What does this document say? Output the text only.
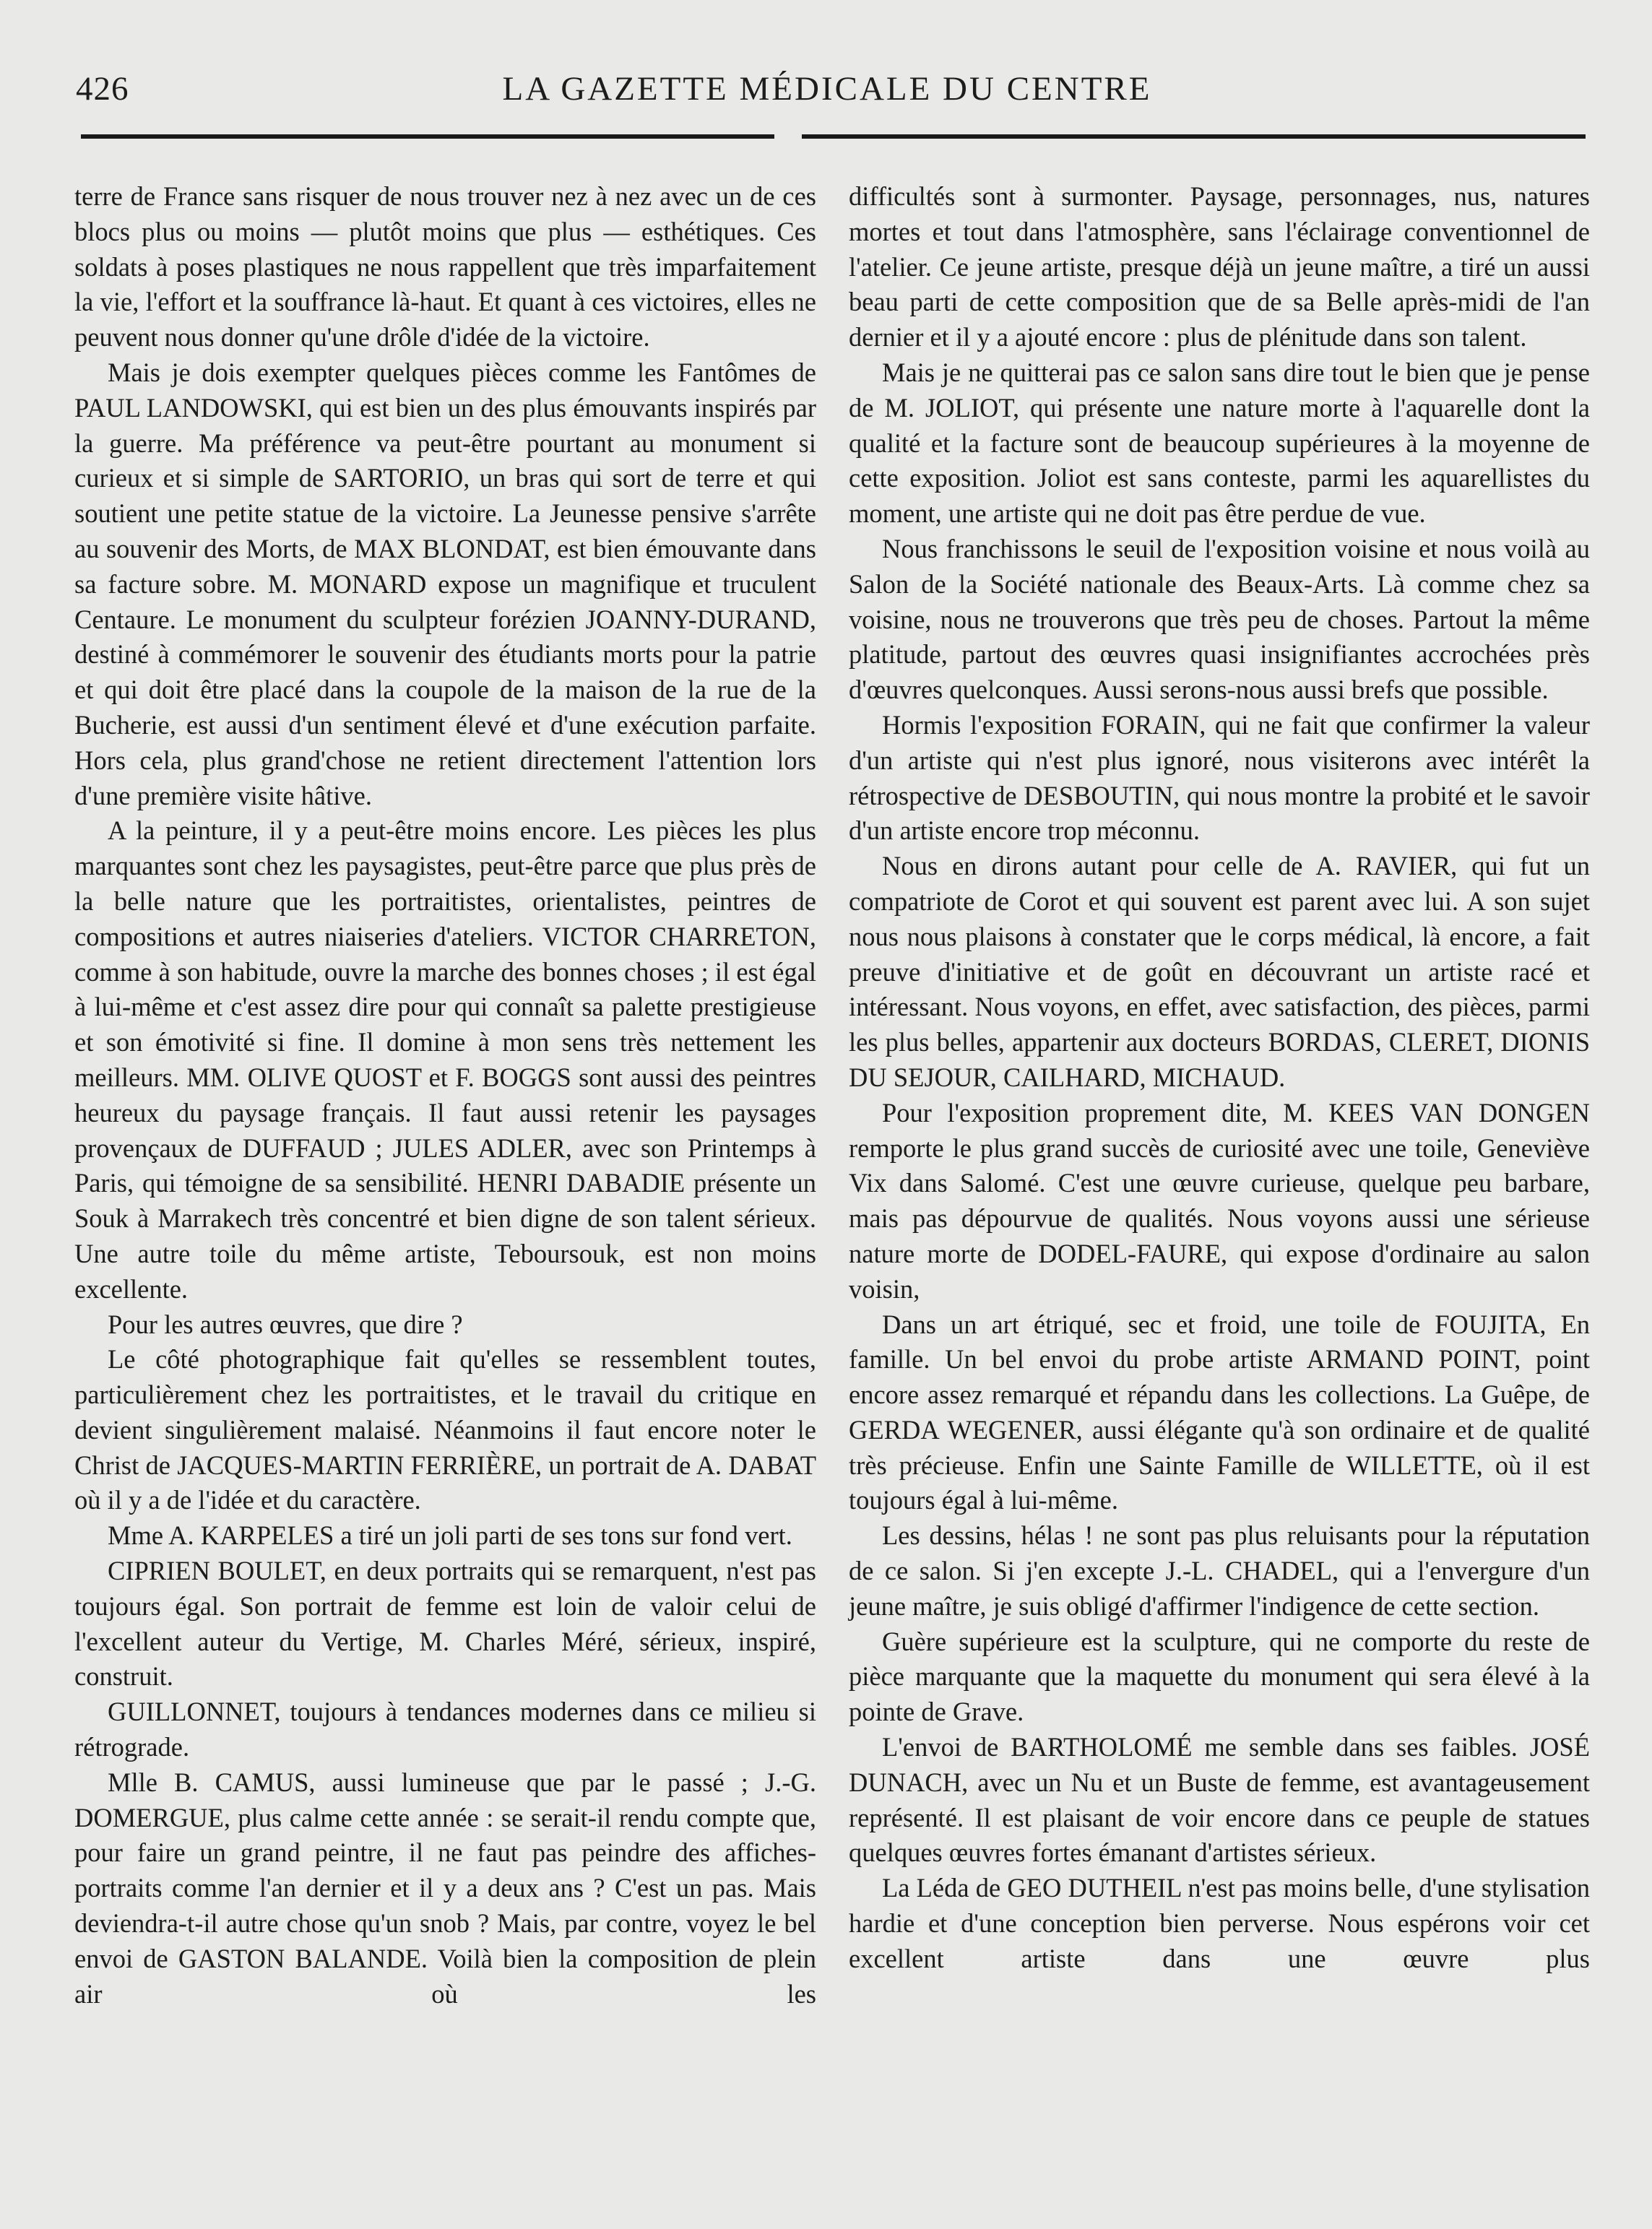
426	LA GAZETTE MÉDICALE DU CENTRE

terre de France sans risquer de nous trouver nez à nez avec un de ces blocs plus ou moins — plutôt moins que plus — esthétiques. Ces soldats à poses plastiques ne nous rappellent que très imparfaitement la vie, l'effort et la souffrance là-haut. Et quant à ces victoires, elles ne peuvent nous donner qu'une drôle d'idée de la victoire.

Mais je dois exempter quelques pièces comme les Fantômes de PAUL LANDOWSKI, qui est bien un des plus émouvants inspirés par la guerre. Ma préférence va peut-être pourtant au monument si curieux et si simple de SARTORIO, un bras qui sort de terre et qui soutient une petite statue de la victoire. La Jeunesse pensive s'arrête au souvenir des Morts, de MAX BLONDAT, est bien émouvante dans sa facture sobre. M. MONARD expose un magnifique et truculent Centaure. Le monument du sculpteur forézien JOANNY-DURAND, destiné à commémorer le souvenir des étudiants morts pour la patrie et qui doit être placé dans la coupole de la maison de la rue de la Bucherie, est aussi d'un sentiment élevé et d'une exécution parfaite. Hors cela, plus grand'chose ne retient directement l'attention lors d'une première visite hâtive.

A la peinture, il y a peut-être moins encore. Les pièces les plus marquantes sont chez les paysagistes, peut-être parce que plus près de la belle nature que les portraitistes, orientalistes, peintres de compositions et autres niaiseries d'ateliers. VICTOR CHARRETON, comme à son habitude, ouvre la marche des bonnes choses ; il est égal à lui-même et c'est assez dire pour qui connaît sa palette prestigieuse et son émotivité si fine. Il domine à mon sens très nettement les meilleurs. MM. OLIVE QUOST et F. BOGGS sont aussi des peintres heureux du paysage français. Il faut aussi retenir les paysages provençaux de DUFFAUD ; JULES ADLER, avec son Printemps à Paris, qui témoigne de sa sensibilité. HENRI DABADIE présente un Souk à Marrakech très concentré et bien digne de son talent sérieux. Une autre toile du même artiste, Teboursouk, est non moins excellente.

Pour les autres œuvres, que dire ?

Le côté photographique fait qu'elles se ressemblent toutes, particulièrement chez les portraitistes, et le travail du critique en devient singulièrement malaisé. Néanmoins il faut encore noter le Christ de JACQUES-MARTIN FERRIÈRE, un portrait de A. DABAT où il y a de l'idée et du caractère.

Mme A. KARPELES a tiré un joli parti de ses tons sur fond vert.

CIPRIEN BOULET, en deux portraits qui se remarquent, n'est pas toujours égal. Son portrait de femme est loin de valoir celui de l'excellent auteur du Vertige, M. Charles Méré, sérieux, inspiré, construit.

GUILLONNET, toujours à tendances modernes dans ce milieu si rétrograde.

Mlle B. CAMUS, aussi lumineuse que par le passé ; J.-G. DOMERGUE, plus calme cette année : se serait-il rendu compte que, pour faire un grand peintre, il ne faut pas peindre des affiches-portraits comme l'an dernier et il y a deux ans ? C'est un pas. Mais deviendra-t-il autre chose qu'un snob ? Mais, par contre, voyez le bel envoi de GASTON BALANDE. Voilà bien la composition de plein air où les

difficultés sont à surmonter. Paysage, personnages, nus, natures mortes et tout dans l'atmosphère, sans l'éclairage conventionnel de l'atelier. Ce jeune artiste, presque déjà un jeune maître, a tiré un aussi beau parti de cette composition que de sa Belle après-midi de l'an dernier et il y a ajouté encore : plus de plénitude dans son talent.

Mais je ne quitterai pas ce salon sans dire tout le bien que je pense de M. JOLIOT, qui présente une nature morte à l'aquarelle dont la qualité et la facture sont de beaucoup supérieures à la moyenne de cette exposition. Joliot est sans conteste, parmi les aquarellistes du moment, une artiste qui ne doit pas être perdue de vue.

Nous franchissons le seuil de l'exposition voisine et nous voilà au Salon de la Société nationale des Beaux-Arts. Là comme chez sa voisine, nous ne trouverons que très peu de choses. Partout la même platitude, partout des œuvres quasi insignifiantes accrochées près d'œuvres quelconques. Aussi serons-nous aussi brefs que possible.

Hormis l'exposition FORAIN, qui ne fait que confirmer la valeur d'un artiste qui n'est plus ignoré, nous visiterons avec intérêt la rétrospective de DESBOUTIN, qui nous montre la probité et le savoir d'un artiste encore trop méconnu.

Nous en dirons autant pour celle de A. RAVIER, qui fut un compatriote de Corot et qui souvent est parent avec lui. A son sujet nous nous plaisons à constater que le corps médical, là encore, a fait preuve d'initiative et de goût en découvrant un artiste racé et intéressant. Nous voyons, en effet, avec satisfaction, des pièces, parmi les plus belles, appartenir aux docteurs BORDAS, CLERET, DIONIS DU SEJOUR, CAILHARD, MICHAUD.

Pour l'exposition proprement dite, M. KEES VAN DONGEN remporte le plus grand succès de curiosité avec une toile, Geneviève Vix dans Salomé. C'est une œuvre curieuse, quelque peu barbare, mais pas dépourvue de qualités. Nous voyons aussi une sérieuse nature morte de DODEL-FAURE, qui expose d'ordinaire au salon voisin,

Dans un art étriqué, sec et froid, une toile de FOUJITA, En famille. Un bel envoi du probe artiste ARMAND POINT, point encore assez remarqué et répandu dans les collections. La Guêpe, de GERDA WEGENER, aussi élégante qu'à son ordinaire et de qualité très précieuse. Enfin une Sainte Famille de WILLETTE, où il est toujours égal à lui-même.

Les dessins, hélas ! ne sont pas plus reluisants pour la réputation de ce salon. Si j'en excepte J.-L. CHADEL, qui a l'envergure d'un jeune maître, je suis obligé d'affirmer l'indigence de cette section.

Guère supérieure est la sculpture, qui ne comporte du reste de pièce marquante que la maquette du monument qui sera élevé à la pointe de Grave.

L'envoi de BARTHOLOMÉ me semble dans ses faibles. JOSÉ DUNACH, avec un Nu et un Buste de femme, est avantageusement représenté. Il est plaisant de voir encore dans ce peuple de statues quelques œuvres fortes émanant d'artistes sérieux.

La Léda de GEO DUTHEIL n'est pas moins belle, d'une stylisation hardie et d'une conception bien perverse. Nous espérons voir cet excellent artiste dans une œuvre plus
